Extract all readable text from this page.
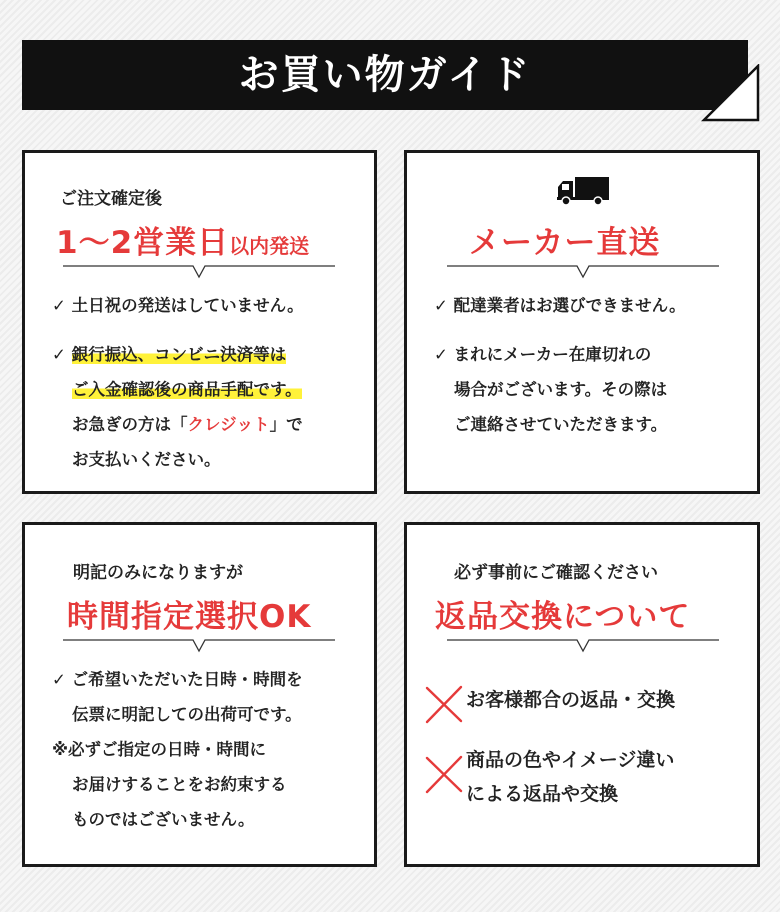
お買い物ガイド
ご注文確定後
1〜2営業日以内発送
✓ 土日祝の発送はしていません。
✓ 銀行振込、コンビニ決済等は
ご入金確認後の商品手配です。
お急ぎの方は「クレジット」で
お支払いください。
メーカー直送
✓ 配達業者はお選びできません。
✓ まれにメーカー在庫切れの
場合がございます。その際は
ご連絡させていただきます。
明記のみになりますが
時間指定選択OK
✓ ご希望いただいた日時・時間を
伝票に明記しての出荷可です。
※必ずご指定の日時・時間に
お届けすることをお約束する
ものではございません。
必ず事前にご確認ください
返品交換について
お客様都合の返品・交換
商品の色やイメージ違い
による返品や交換
